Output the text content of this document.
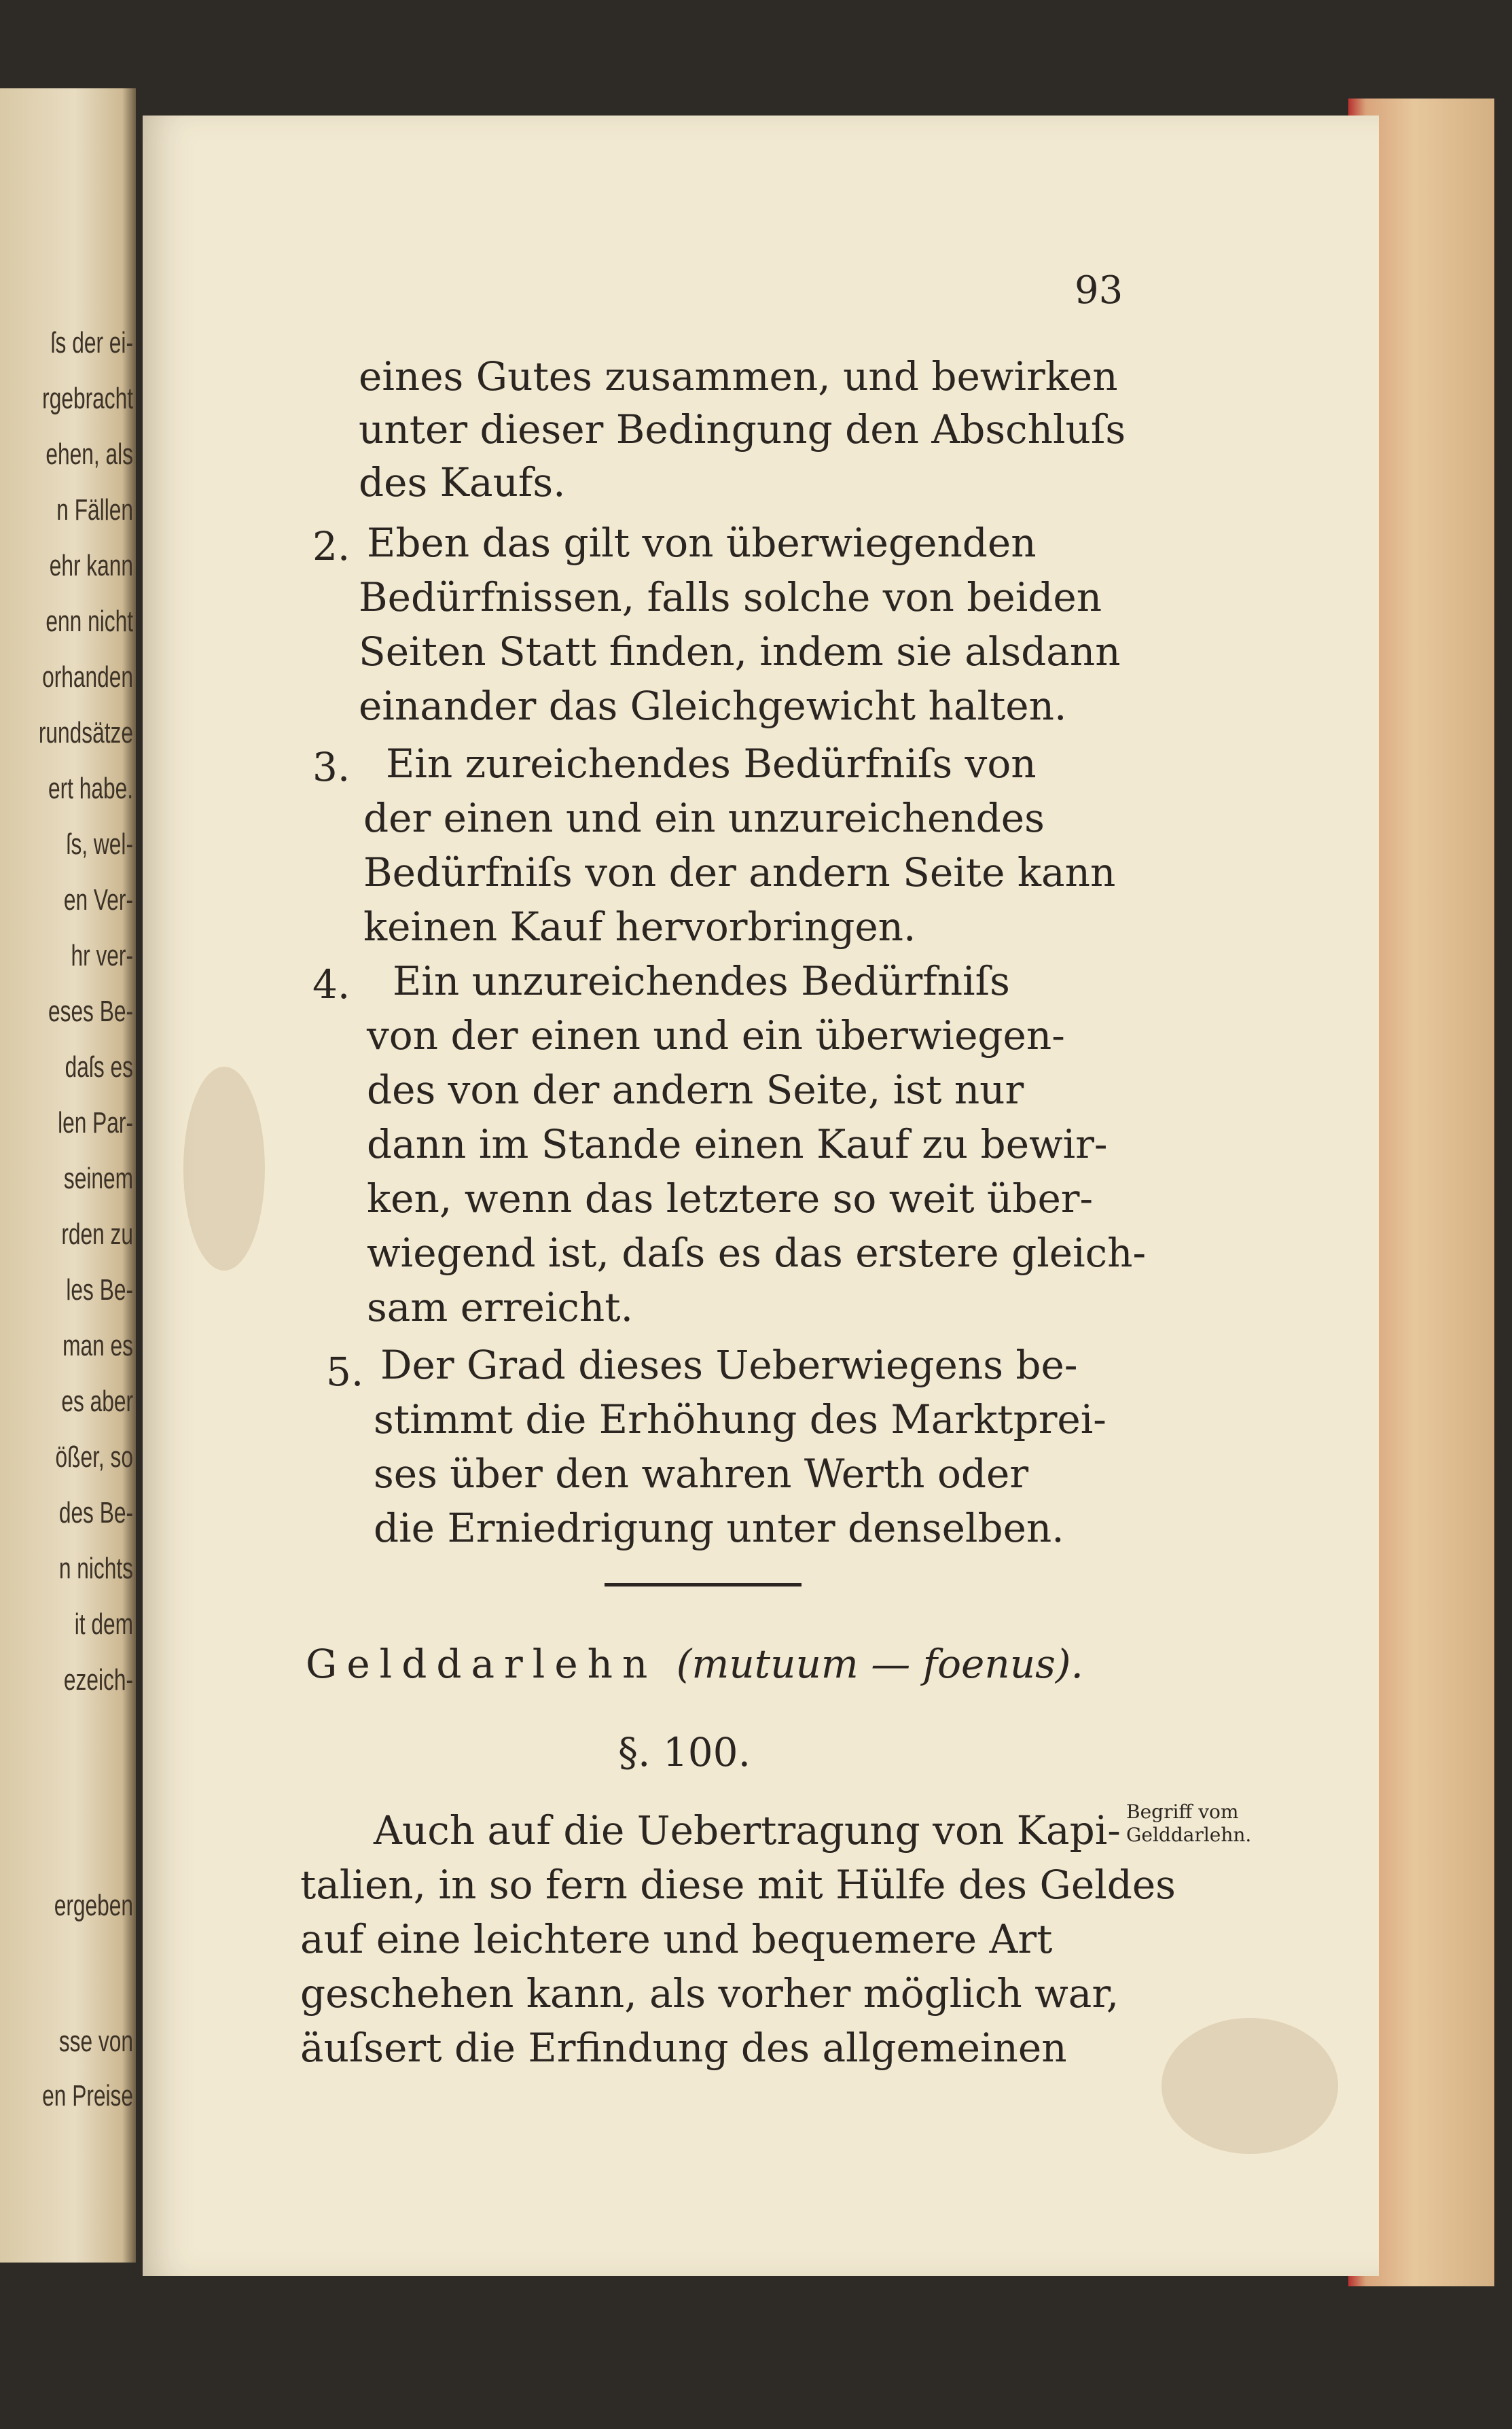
ſs der ei-
rgebracht
ehen, als
n Fällen
ehr kann
enn nicht
orhanden
rundsätze
ert habe.
ſs, wel-
en Ver-
hr ver-
eses Be-
daſs es
len Par-
seinem
rden zu
les Be-
man es
es aber
ößer, so
des Be-
n nichts
it dem
ezeich-
ergeben
sse von
en Preise
93
eines Gutes zusammen, und bewirken
unter dieser Bedingung den Abschluſs
des Kaufs.
2. Eben das gilt von überwiegenden
Bedürfnissen, falls solche von beiden
Seiten Statt finden, indem sie alsdann
einander das Gleichgewicht halten.
3. Ein zureichendes Bedürfniſs von
der einen und ein unzureichendes
Bedürfniſs von der andern Seite kann
keinen Kauf hervorbringen.
4. Ein unzureichendes Bedürfniſs
von der einen und ein überwiegen-
des von der andern Seite, ist nur
dann im Stande einen Kauf zu bewir-
ken, wenn das letztere so weit über-
wiegend ist, daſs es das erstere gleich-
sam erreicht.
5. Der Grad dieses Ueberwiegens be-
stimmt die Erhöhung des Marktprei-
ses über den wahren Werth oder
die Erniedrigung unter denselben.
Gelddarlehn (mutuum — foenus).
§. 100.
Auch auf die Uebertragung von Kapi-
talien, in so fern diese mit Hülfe des Geldes
auf eine leichtere und bequemere Art
geschehen kann, als vorher möglich war,
äuſsert die Erfindung des allgemeinen
Begriff vom
Gelddarlehn.
